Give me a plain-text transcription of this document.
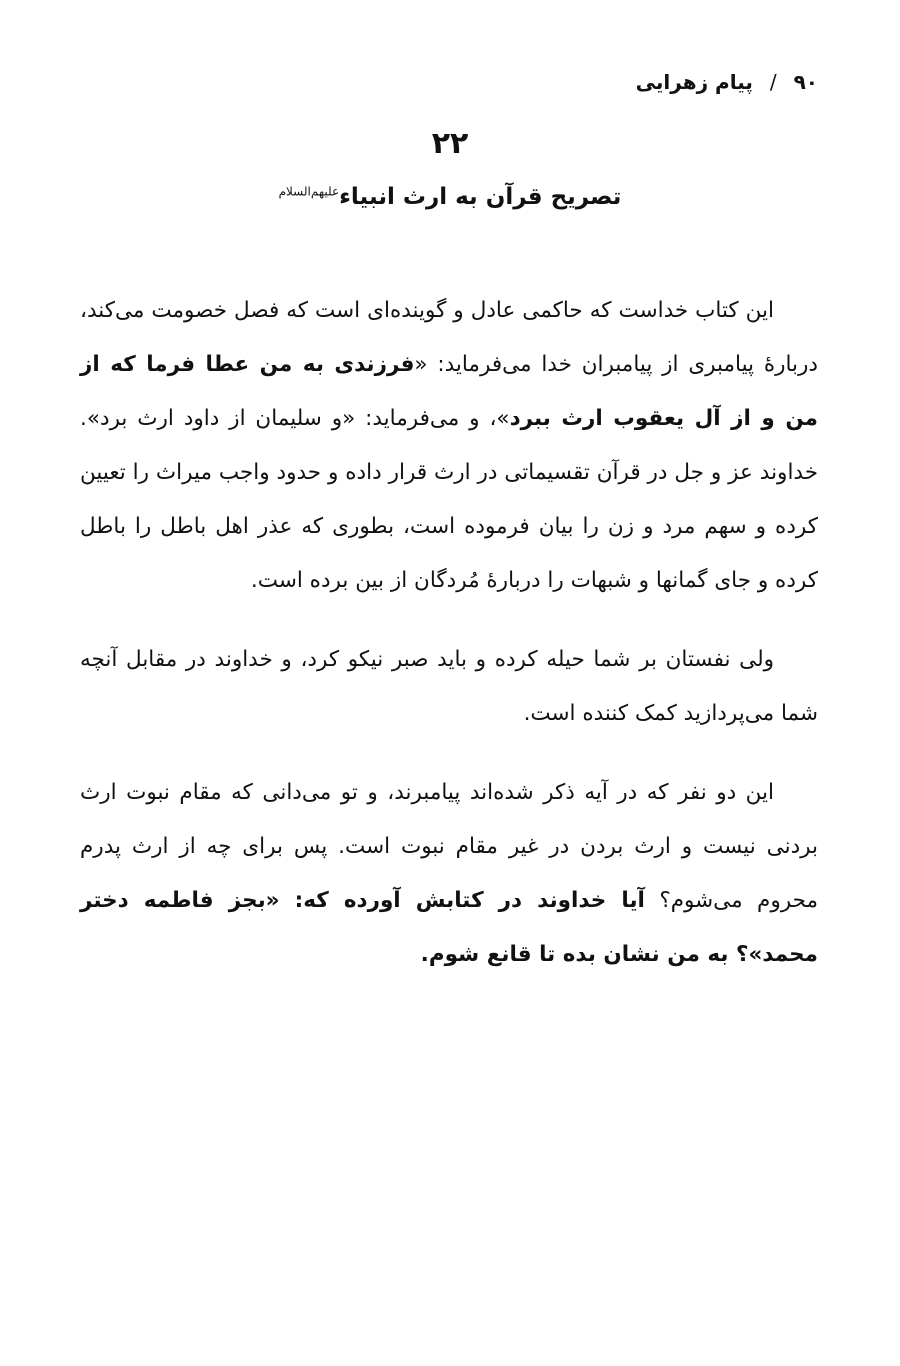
۹۰ / پیام زهرایی
۲۲
تصریح قرآن به ارث انبیاء$^{علیهم‌السلام}$

این کتاب خداست که حاکمی عادل و گوینده‌ای است که فصل خصومت می‌کند، دربارهٔ پیامبری از پیامبران خدا می‌فرماید: «فرزندی به من عطا فرما که از من و از آل یعقوب ارث ببرد»، و می‌فرماید: «و سلیمان از داود ارث برد». خداوند عز و جل در قرآن تقسیماتی در ارث قرار داده و حدود واجب میراث را تعیین کرده و سهم مرد و زن را بیان فرموده است، بطوری که عذر اهل باطل را باطل کرده و جای گمانها و شبهات را دربارهٔ مُردگان از بین برده است.

ولی نفستان بر شما حیله کرده و باید صبر نیکو کرد، و خداوند در مقابل آنچه شما می‌پردازید کمک کننده است.

این دو نفر که در آیه ذکر شده‌اند پیامبرند، و تو می‌دانی که مقام نبوت ارث بردنی نیست و ارث بردن در غیر مقام نبوت است. پس برای چه از ارث پدرم محروم می‌شوم؟ آیا خداوند در کتابش آورده که: «بجز فاطمه دختر محمد»؟ به من نشان بده تا قانع شوم.
